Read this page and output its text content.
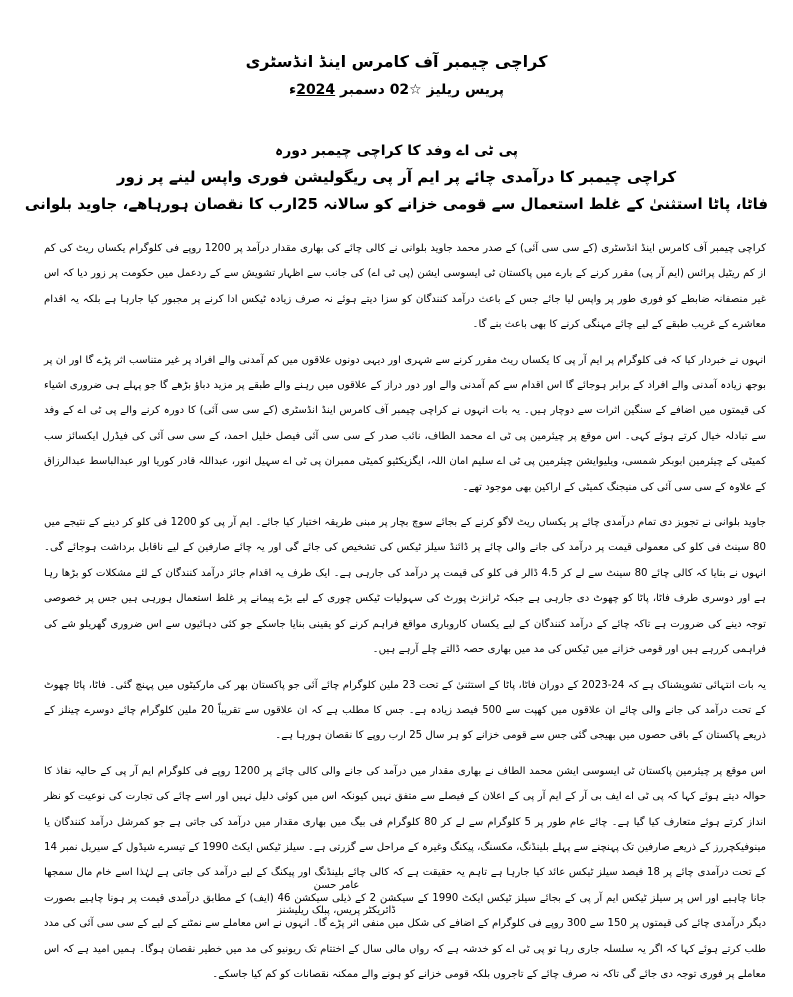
کراچی چیمبر آف کامرس اینڈ انڈسٹری
پریس ریلیز ☆02 دسمبر 2024ء
پی ٹی اے وفد کا کراچی چیمبر دورہ
کراچی چیمبر کا درآمدی چائے پر ایم آر پی ریگولیشن فوری واپس لینے پر زور
فاٹا، پاٹا استثنیٰ کے غلط استعمال سے قومی خزانے کو سالانہ 25ارب کا نقصان ہورہاھے، جاوید بلوانی

کراچی چیمبر آف کامرس اینڈ انڈسٹری (کے سی سی آئی) کے صدر محمد جاوید بلوانی نے کالی چائے کی بھاری مقدار درآمد پر 1200 روپے فی کلوگرام یکساں ریٹ کی کم از کم ریٹیل پرائس (ایم آر پی) مقرر کرنے کے بارے میں پاکستان ٹی ایسوسی ایشن (پی ٹی اے) کی جانب سے اظہار تشویش سے کے ردعمل میں حکومت پر زور دیا کہ اس غیر منصفانہ ضابطے کو فوری طور پر واپس لیا جائے جس کے باعث درآمد کنندگان کو سزا دیتے ہوئے نہ صرف زیادہ ٹیکس ادا کرنے پر مجبور کیا جارہا ہے بلکہ یہ اقدام معاشرے کے غریب طبقے کے لیے چائے مہنگی کرنے کا بھی باعث بنے گا۔

انہوں نے خبردار کیا کہ فی کلوگرام پر ایم آر پی کا یکساں ریٹ مقرر کرنے سے شہری اور دیہی دونوں علاقوں میں کم آمدنی والے افراد پر غیر متناسب اثر پڑے گا اور ان پر بوجھ زیادہ آمدنی والے افراد کے برابر ہوجائے گا اس اقدام سے کم آمدنی والے اور دور دراز کے علاقوں میں رہنے والے طبقے پر مزید دباؤ بڑھے گا جو پہلے ہی ضروری اشیاء کی قیمتوں میں اضافے کے سنگین اثرات سے دوچار ہیں۔ یہ بات انہوں نے کراچی چیمبر آف کامرس اینڈ انڈسٹری (کے سی سی آئی) کا دورہ کرنے والے پی ٹی اے کے وفد سے تبادلہ خیال کرتے ہوئے کہی۔ اس موقع پر چیئرمین پی ٹی اے محمد الطاف، نائب صدر کے سی سی آئی فیصل خلیل احمد، کے سی سی آئی کی فیڈرل ایکسائز سب کمیٹی کے چیئرمین ابوبکر شمسی، ویلیوایشن چیئرمین پی ٹی اے سلیم امان اللہ، ایگزیکٹیو کمیٹی ممبران پی ٹی اے سہیل انور، عبداللہ قادر کوریا اور عبدالباسط عبدالرزاق کے علاوہ کے سی سی آئی کی منیجنگ کمیٹی کے اراکین بھی موجود تھے۔

جاوید بلوانی نے تجویز دی تمام درآمدی چائے پر یکساں ریٹ لاگو کرنے کے بجائے سوچ بچار پر مبنی طریقہ اختیار کیا جائے۔ ایم آر پی کو 1200 فی کلو کر دینے کے نتیجے میں 80 سینٹ فی کلو کی معمولی قیمت پر درآمد کی جانے والی چائے پر ڈائنڈ سیلز ٹیکس کی تشخیص کی جائے گی اور یہ چائے صارفین کے لیے ناقابل برداشت ہوجائے گی۔ انہوں نے بتایا کہ کالی چائے 80 سینٹ سے لے کر 4.5 ڈالر فی کلو کی قیمت پر درآمد کی جارہی ہے۔ ایک طرف یہ اقدام جائز درآمد کنندگان کے لئے مشکلات کو بڑھا رہا ہے اور دوسری طرف فاٹا، پاٹا کو چھوٹ دی جارہی ہے جبکہ ٹرانزٹ پورٹ کی سہولیات ٹیکس چوری کے لیے بڑے پیمانے پر غلط استعمال ہورہی ہیں جس پر خصوصی توجہ دینے کی ضرورت ہے تاکہ چائے کے درآمد کنندگان کے لیے یکساں کاروباری مواقع فراہم کرنے کو یقینی بنایا جاسکے جو کئی دہائیوں سے اس ضروری گھریلو شے کی فراہمی کررہے ہیں اور قومی خزانے میں ٹیکس کی مد میں بھاری حصہ ڈالتے چلے آرہے ہیں۔

یہ بات انتہائی تشویشناک ہے کہ 24-2023 کے دوران فاٹا، پاٹا کے استثنیٰ کے تحت 23 ملین کلوگرام چائے آئی جو پاکستان بھر کی مارکیٹوں میں پہنچ گئی۔ فاٹا، پاٹا چھوٹ کے تحت درآمد کی جانے والی چائے ان علاقوں میں کھپت سے 500 فیصد زیادہ ہے۔ جس کا مطلب ہے کہ ان علاقوں سے تقریباً 20 ملین کلوگرام چائے دوسرے چینلز کے ذریعے پاکستان کے باقی حصوں میں بھیجی گئی جس سے قومی خزانے کو ہر سال 25 ارب روپے کا نقصان ہورہا ہے۔

اس موقع پر چیئرمین پاکستان ٹی ایسوسی ایشن محمد الطاف نے بھاری مقدار میں درآمد کی جانے والی کالی چائے پر 1200 روپے فی کلوگرام ایم آر پی کے حالیہ نفاذ کا حوالہ دیتے ہوئے کہا کہ پی ٹی اے ایف بی آر کے ایم آر پی کے اعلان کے فیصلے سے متفق نہیں کیونکہ اس میں کوئی دلیل نہیں اور اسے چائے کی تجارت کی نوعیت کو نظر انداز کرتے ہوئے متعارف کیا گیا ہے۔ چائے عام طور پر 5 کلوگرام سے لے کر 80 کلوگرام فی بیگ میں بھاری مقدار میں درآمد کی جاتی ہے جو کمرشل درآمد کنندگان یا مینوفیکچررز کے ذریعے صارفین تک پہنچنے سے پہلے بلینڈنگ، مکسنگ، پیکنگ وغیرہ کے مراحل سے گزرتی ہے۔ سیلز ٹیکس ایکٹ 1990 کے تیسرے شیڈول کے سیریل نمبر 14 کے تحت درآمدی چائے پر 18 فیصد سیلز ٹیکس عائد کیا جارہا ہے تاہم یہ حقیقت ہے کہ کالی چائے بلینڈنگ اور پیکنگ کے لیے درآمد کی جاتی ہے لہٰذا اسے خام مال سمجھا جانا چاہیے اور اس پر سیلز ٹیکس ایم آر پی کے بجائے سیلز ٹیکس ایکٹ 1990 کے سیکشن 2 کے ذیلی سیکشن 46 (ایف) کے مطابق درآمدی قیمت پر ہونا چاہیے بصورت دیگر درآمدی چائے کی قیمتوں پر 150 سے 300 روپے فی کلوگرام کے اضافے کی شکل میں منفی اثر پڑے گا۔ انہوں نے اس معاملے سے نمٹنے کے لیے کے سی سی آئی کی مدد طلب کرتے ہوئے کہا کہ اگر یہ سلسلہ جاری رہا تو پی ٹی اے کو خدشہ ہے کہ رواں مالی سال کے اختتام تک ریونیو کی مد میں خطیر نقصان ہوگا۔ ہمیں امید ہے کہ اس معاملے پر فوری توجہ دی جائے گی تاکہ نہ صرف چائے کے تاجروں بلکہ قومی خزانے کو ہونے والے ممکنہ نقصانات کو کم کیا جاسکے۔

عامر حسن
ڈائریکٹر پریس، پبلک ریلیشنز
